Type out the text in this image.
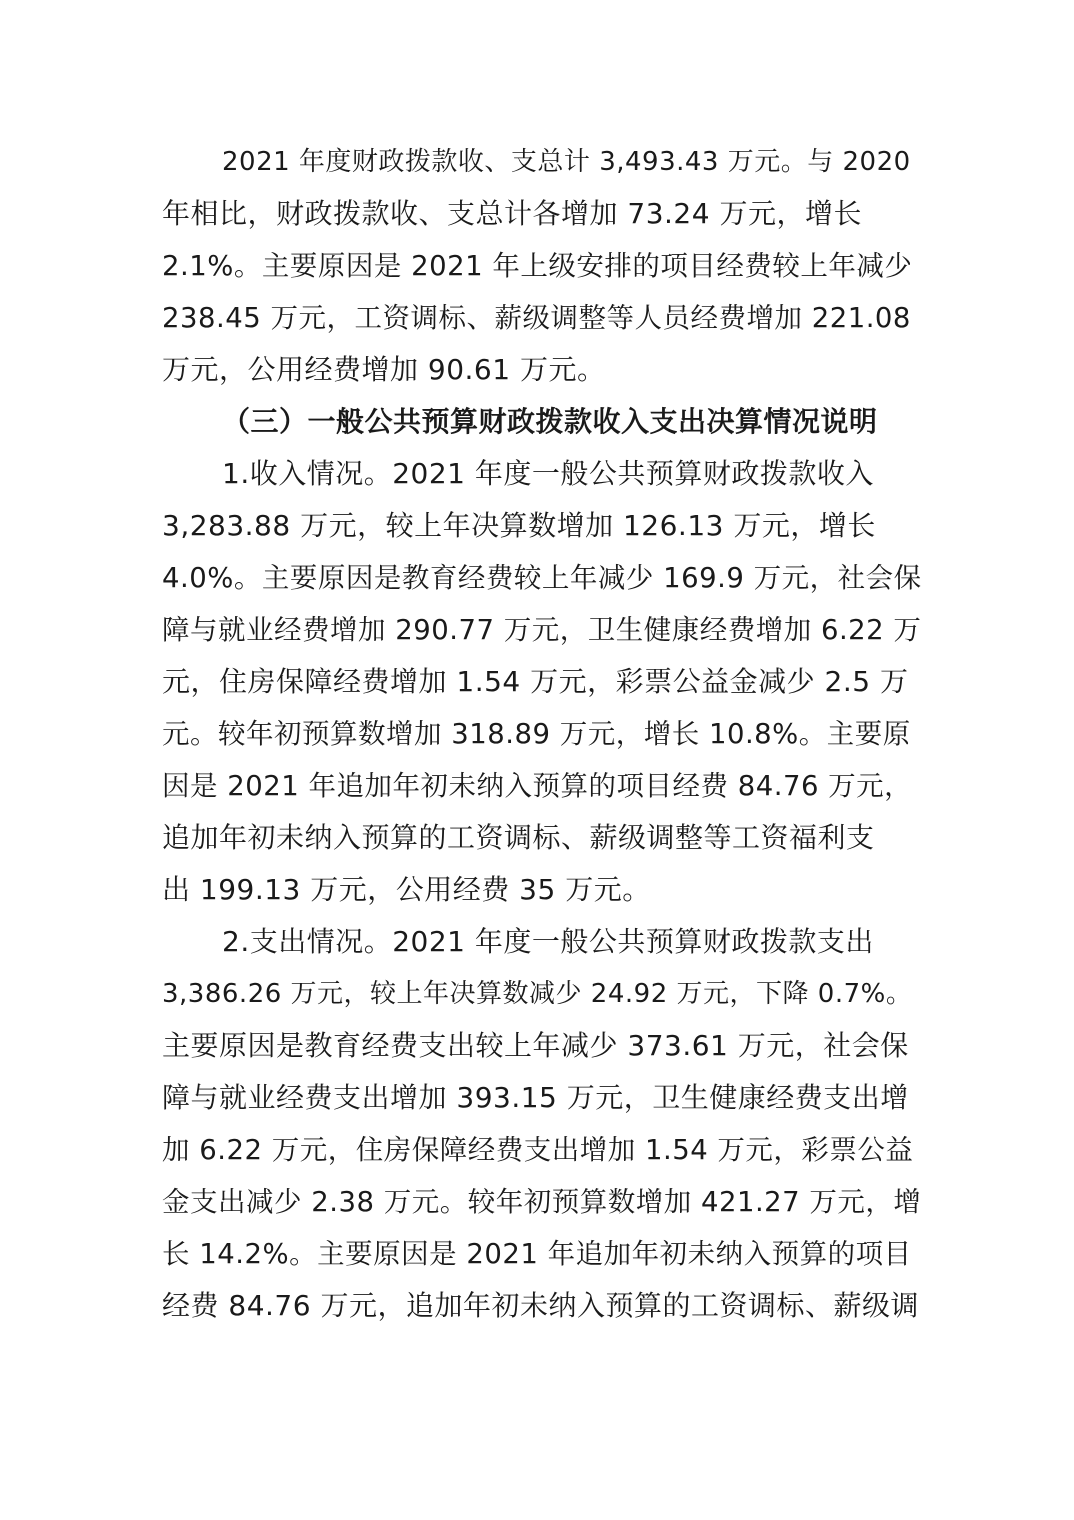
2021 年度财政拨款收、支总计 3,493.43 万元。与 2020
年相比，财政拨款收、支总计各增加 73.24 万元，增长
2.1%。主要原因是 2021 年上级安排的项目经费较上年减少
238.45 万元，工资调标、薪级调整等人员经费增加 221.08
万元，公用经费增加 90.61 万元。
（三）一般公共预算财政拨款收入支出决算情况说明
1.收入情况。2021 年度一般公共预算财政拨款收入
3,283.88 万元，较上年决算数增加 126.13 万元，增长
4.0%。主要原因是教育经费较上年减少 169.9 万元，社会保
障与就业经费增加 290.77 万元，卫生健康经费增加 6.22 万
元，住房保障经费增加 1.54 万元，彩票公益金减少 2.5 万
元。较年初预算数增加 318.89 万元，增长 10.8%。主要原
因是 2021 年追加年初未纳入预算的项目经费 84.76 万元，
追加年初未纳入预算的工资调标、薪级调整等工资福利支
出 199.13 万元，公用经费 35 万元。
2.支出情况。2021 年度一般公共预算财政拨款支出
3,386.26 万元，较上年决算数减少 24.92 万元，下降 0.7%。
主要原因是教育经费支出较上年减少 373.61 万元，社会保
障与就业经费支出增加 393.15 万元，卫生健康经费支出增
加 6.22 万元，住房保障经费支出增加 1.54 万元，彩票公益
金支出减少 2.38 万元。较年初预算数增加 421.27 万元，增
长 14.2%。主要原因是 2021 年追加年初未纳入预算的项目
经费 84.76 万元，追加年初未纳入预算的工资调标、薪级调
